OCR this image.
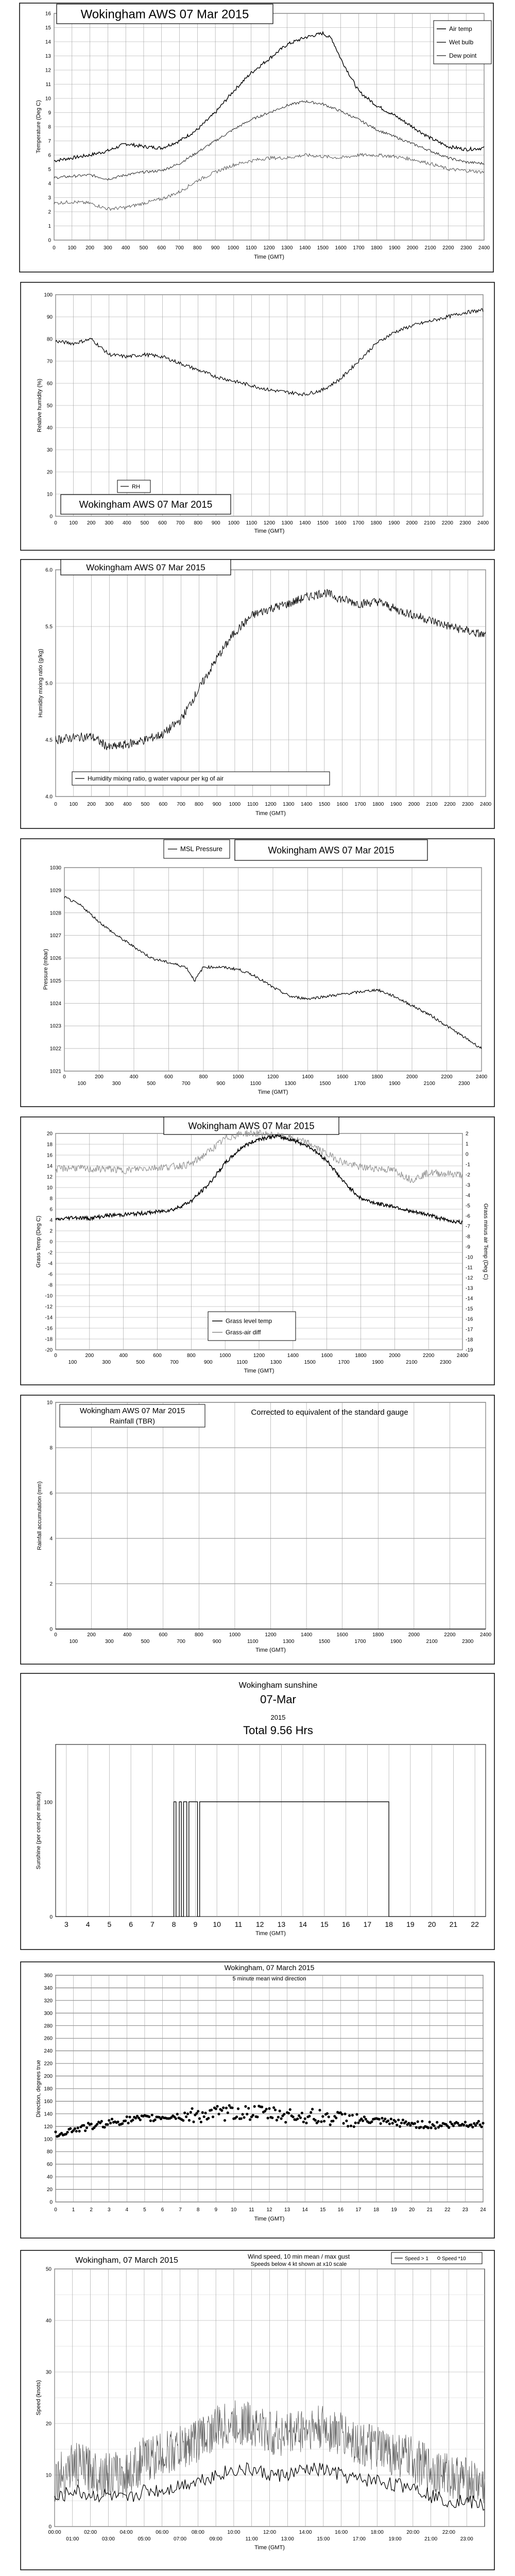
0
1
2
3
4
5
6
7
8
9
10
11
12
13
14
15
16
0 100 200 300 400 500 600 700 800 900 1000 1100 1200 1300 1400 1500 1600 1700 1800 1900 2000 2100 2200 2300 2400
Wokingham AWS 07 Mar 2015
Temperature (Deg C)
Time (GMT)
Air temp
Wet bulb
Dew point
0
10
20
30
40
50
60
70
80
90
100
0 100 200 300 400 500 600 700 800 900 1000 1100 1200 1300 1400 1500 1600 1700 1800 1900 2000 2100 2200 2300 2400
Relative humidity (%)
Time (GMT)
RH
Wokingham AWS 07 Mar 2015
4.0
4.5
5.0
5.5
6.0
0 100 200 300 400 500 600 700 800 900 1000 1100 1200 1300 1400 1500 1600 1700 1800 1900 2000 2100 2200 2300 2400
Wokingham AWS 07 Mar 2015
Humidity mixing ratio (g/kg)
Time (GMT)
Humidity mixing ratio, g water vapour per kg of air
1021
1022
1023
1024
1025
1026
1027
1028
1029
1030
0	200	400	600	800	1000	1200	1400	1600	1800	2000	2200	2400
100	300	500	700	900	1100	1300	1500	1700	1900	2100	2300
Pressure (mbar)
Time (GMT)
MSL Pressure	Wokingham AWS 07 Mar 2015
-20
-18
-16
-14
-12
-10
-8
-6
-4
-2
0
2
4
6
8
10
12
14
16
18
20
-19
-18
-17
-16
-15
-14
-13
-12
-11
-10
-9
-8
-7
-6
-5
-4
-3
-2
-1
0
1
2
0	200	400	600	800	1000	1200	1400	1600	1800	2000	2200	2400
100	300	500	700	900	1100	1300	1500	1700	1900	2100	2300
Grass Temp (Deg C)	Grass minus air Temp (Deg C)
Time (GMT)
Wokingham AWS 07 Mar 2015
Grass level temp
Grass-air diff
0
2
4
6
8
10
0	200	400	600	800	1000	1200	1400	1600	1800	2000	2200	2400
100	300	500	700	900	1100	1300	1500	1700	1900	2100	2300
Rainfall accumulation (mm)
Time (GMT)
Wokingham AWS 07 Mar 2015
Rainfall (TBR)
Corrected to equivalent of the standard gauge
3 4 5 6 7 8 9 10 11 12 13 14 15 16 17 18 19 20 21 22
0
100
Sunshine (per cent per minute)
Time (GMT)
Wokingham sunshine
07-Mar
2015
Total 9.56 Hrs
0
20
40
60
80
100
120
140
160
180
200
220
240
260
280
300
320
340
360
0	1	2	3	4	5	6	7	8	9	10 11 12 13 14 15 16 17 18 19 20 21 22 23 24
Direction, degrees true
Time (GMT)
Wokingham, 07 March 2015
5 minute mean wind direction
0
10
20
30
40
50
00:00	02:00	04:00	06:00	08:00	10:00	12:00	14:00	16:00	18:00	20:00	22:00
01:00	03:00	05:00	07:00	09:00	11:00	13:00	15:00	17:00	19:00	21:00	23:00
Speed (knots)
Time (GMT)
Wokingham, 07 March 2015	Wind speed, 10 min mean / max gust
Speeds below 4 kt shown at x10 scale
Speed > 1	Speed *10
